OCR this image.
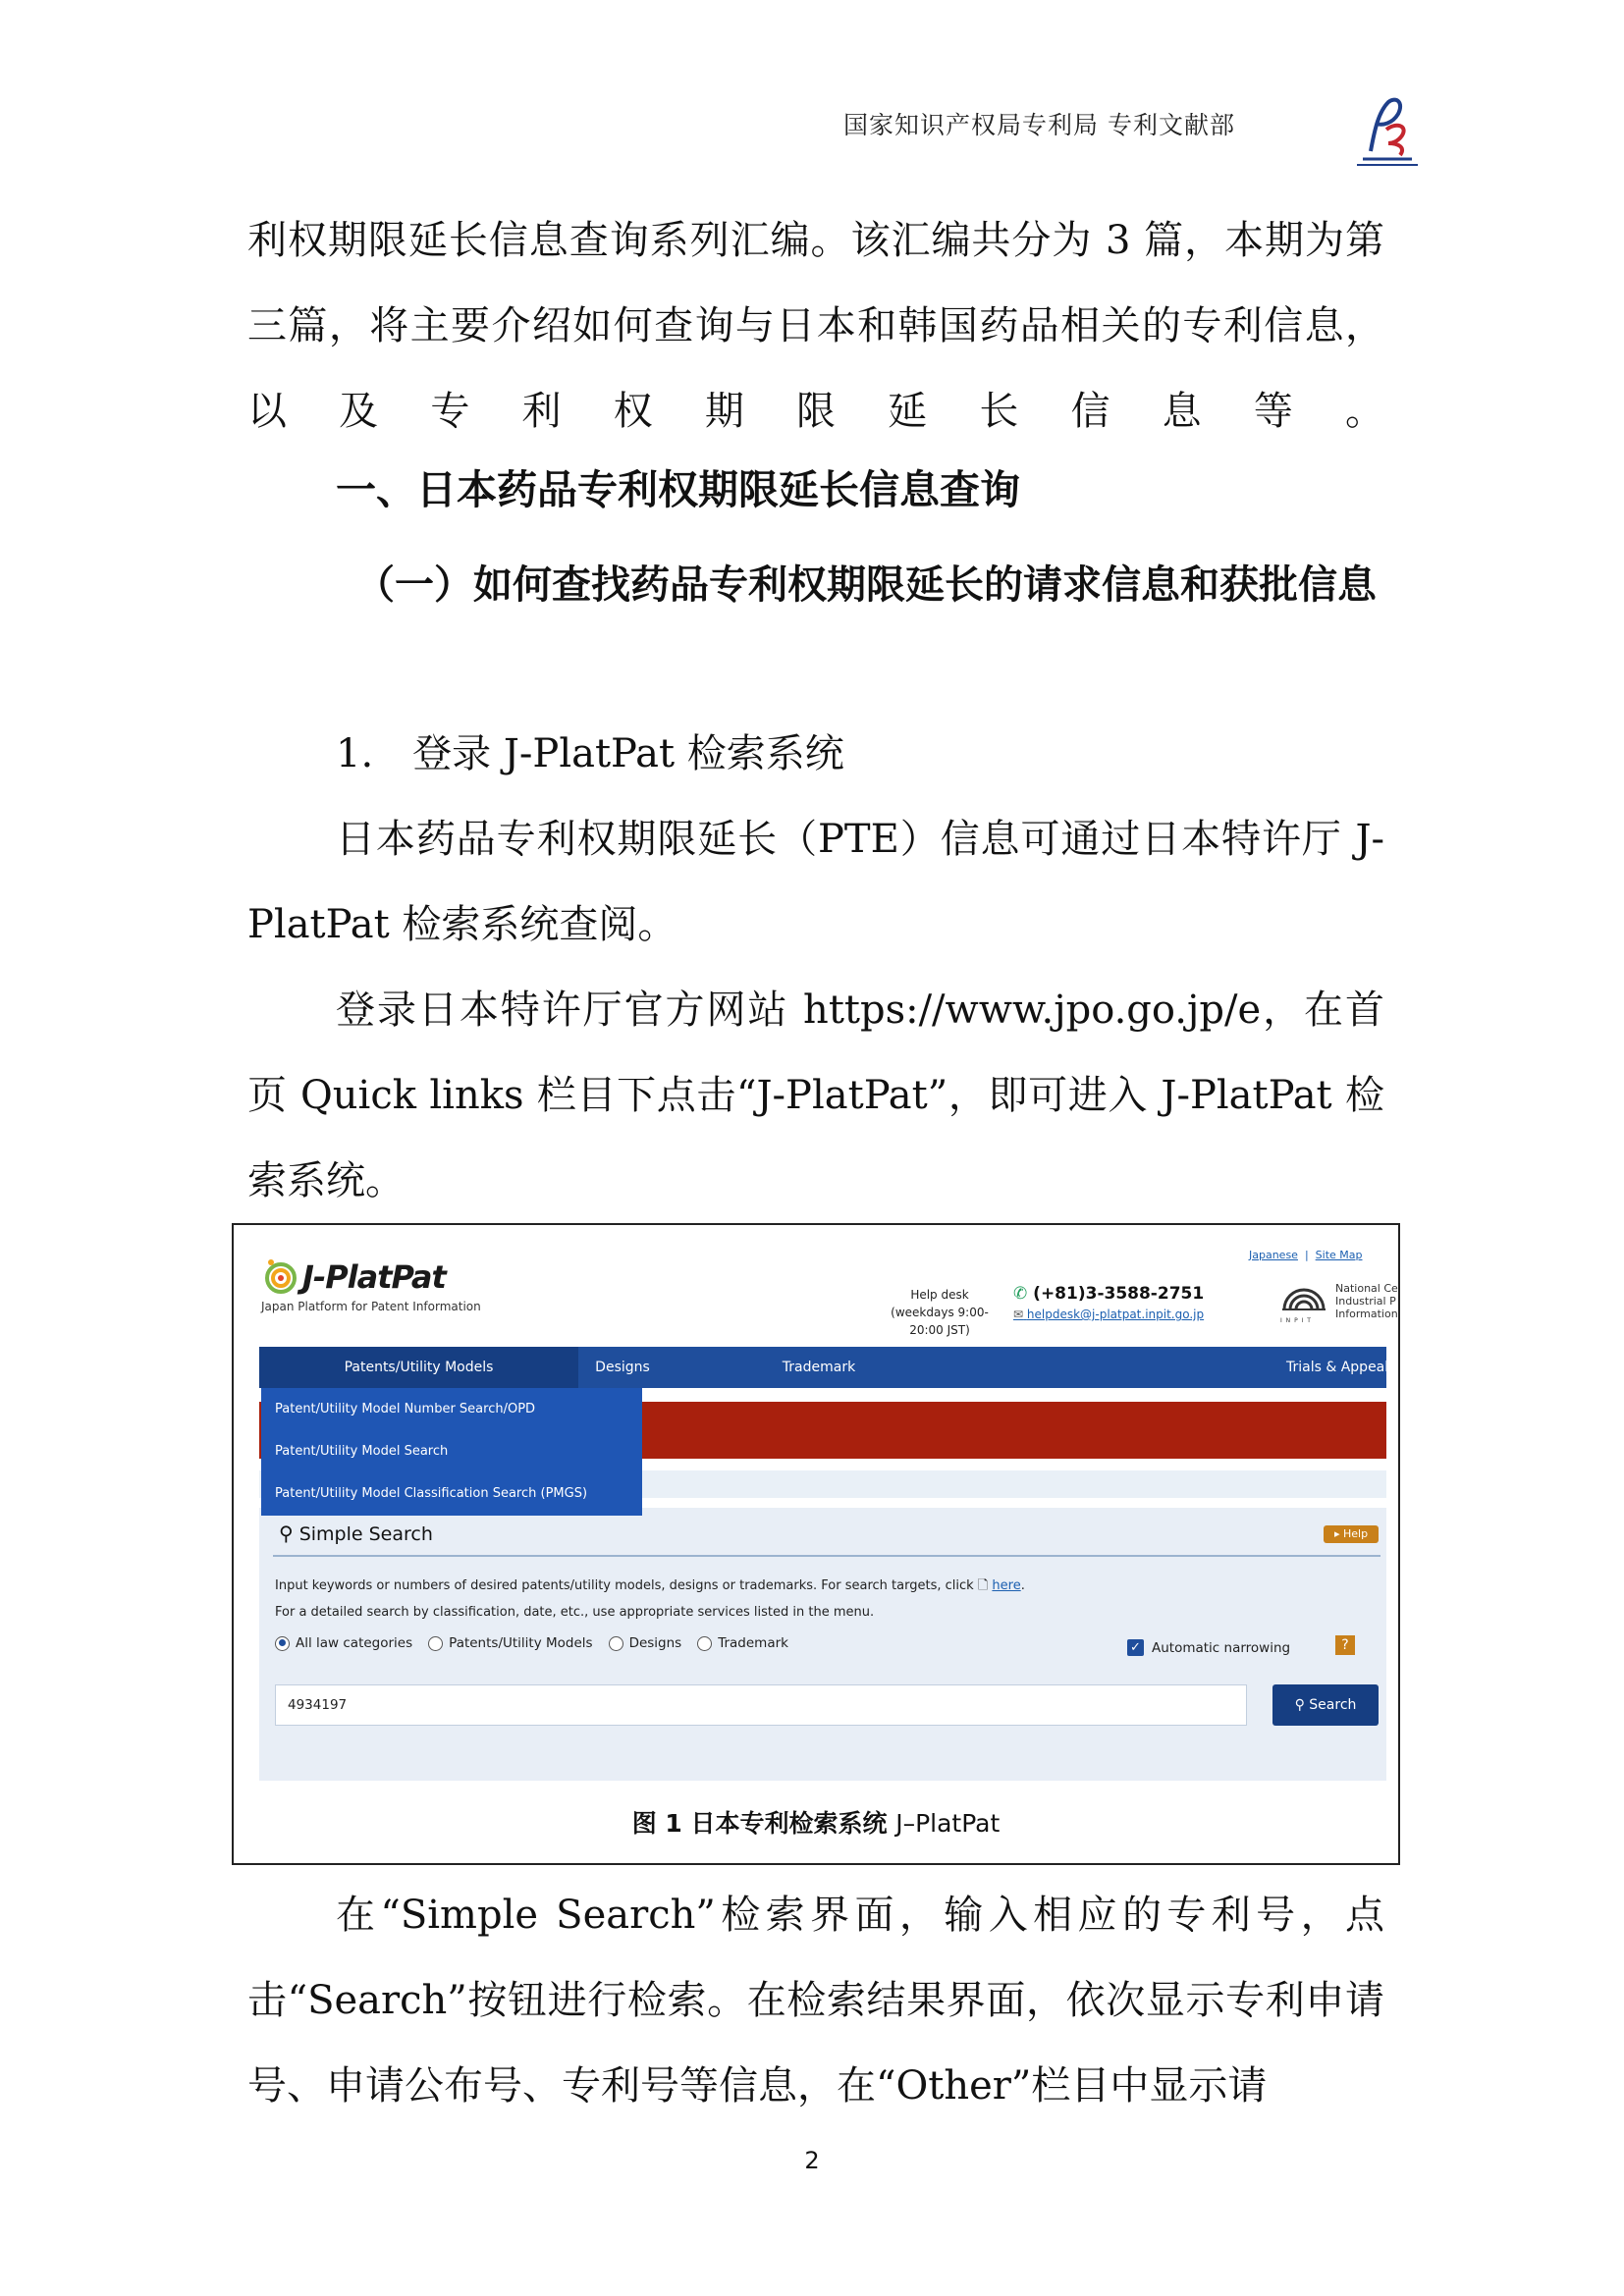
国家知识产权局专利局 专利文献部
利权期限延长信息查询系列汇编。该汇编共分为 3 篇，本期为第三篇，将主要介绍如何查询与日本和韩国药品相关的专利信息，以及专利权期限延长信息等。
一、日本药品专利权期限延长信息查询
（一）如何查找药品专利权期限延长的请求信息和获批信息
1.　登录 J-PlatPat 检索系统
日本药品专利权期限延长（PTE）信息可通过日本特许厅 J-PlatPat 检索系统查阅。
登录日本特许厅官方网站 https://www.jpo.go.jp/e，在首页 Quick links 栏目下点击“J-PlatPat”，即可进入 J-PlatPat 检索系统。
J-PlatPat
Japan Platform for Patent Information
Help desk
(weekdays 9:00-20:00 JST)
✆ (+81)3-3588-2751
✉ helpdesk@j-platpat.inpit.go.jp
Japanese  |  Site Map
I N P I T
National Ce
Industrial P
Information
Patents/Utility Models	Designs	Trademark	Trials & Appeals
Patent/Utility Model Number Search/OPD
Patent/Utility Model Search
Patent/Utility Model Classification Search (PMGS)
⚲ Simple Search	▸ Help
Input keywords or numbers of desired patents/utility models, designs or trademarks. For search targets, click 🗋 here.
For a detailed search by classification, date, etc., use appropriate services listed in the menu.
All law categories	Patents/Utility Models	Designs	Trademark	✓ Automatic narrowing	?
4934197	⚲ Search
图 1 日本专利检索系统 J–PlatPat
在“Simple Search”检索界面，输入相应的专利号，点击“Search”按钮进行检索。在检索结果界面，依次显示专利申请号、申请公布号、专利号等信息，在“Other”栏目中显示请
2
